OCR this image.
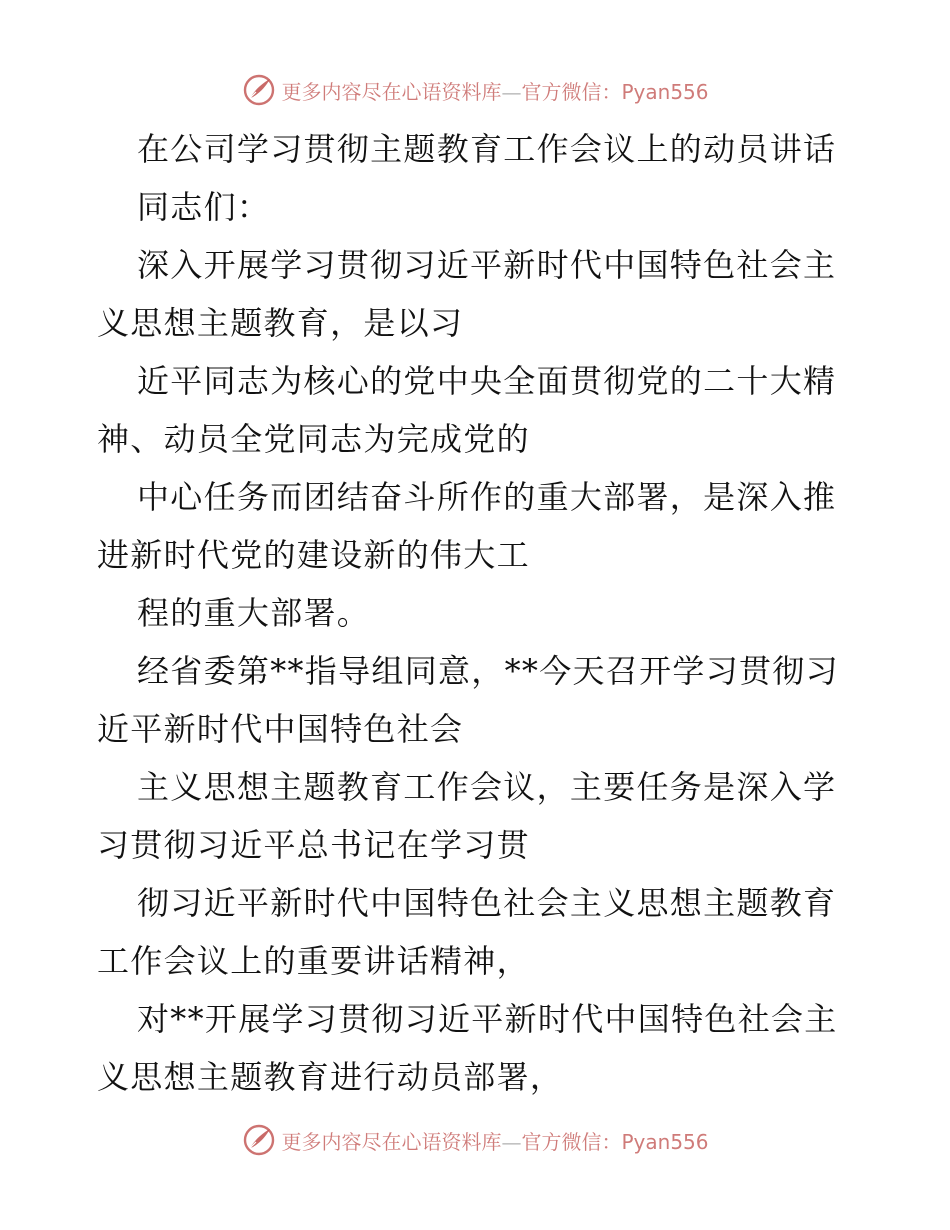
更多内容尽在心语资料库—官方微信：Pyan556
在公司学习贯彻主题教育工作会议上的动员讲话
同志们：
深入开展学习贯彻习近平新时代中国特色社会主
义思想主题教育，是以习
近平同志为核心的党中央全面贯彻党的二十大精
神、动员全党同志为完成党的
中心任务而团结奋斗所作的重大部署，是深入推
进新时代党的建设新的伟大工
程的重大部署。
经省委第**指导组同意，**今天召开学习贯彻习
近平新时代中国特色社会
主义思想主题教育工作会议，主要任务是深入学
习贯彻习近平总书记在学习贯
彻习近平新时代中国特色社会主义思想主题教育
工作会议上的重要讲话精神，
对**开展学习贯彻习近平新时代中国特色社会主
义思想主题教育进行动员部署，
更多内容尽在心语资料库—官方微信：Pyan556
